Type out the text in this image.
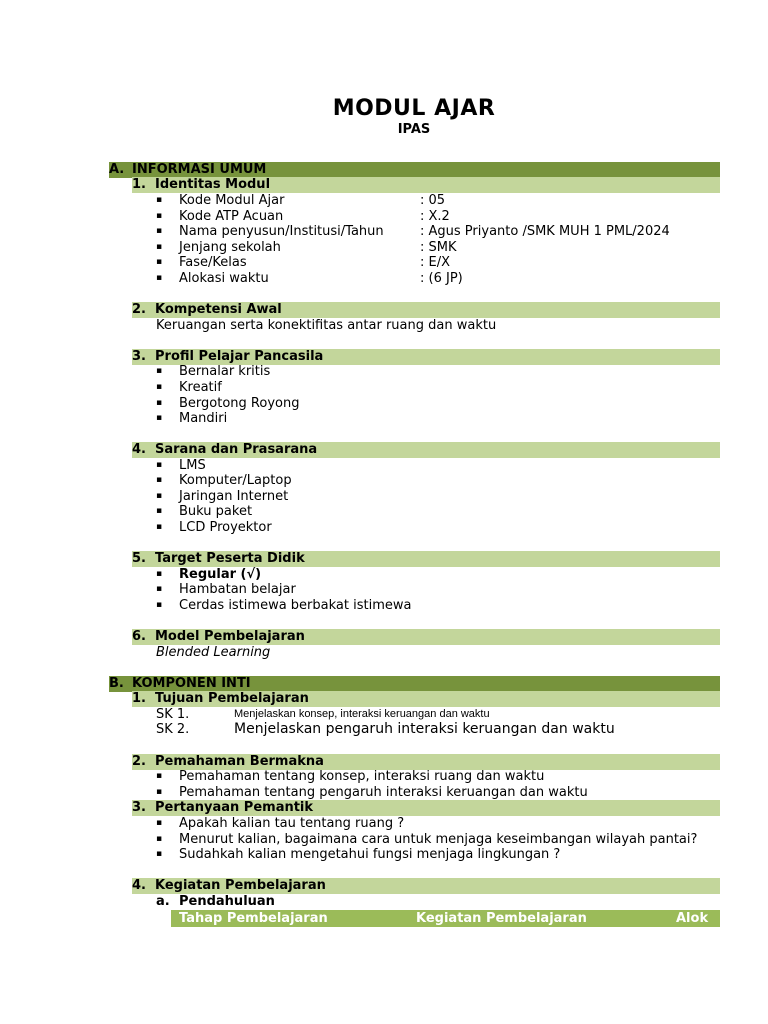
MODUL AJAR
IPAS
A. INFORMASI UMUM
1. Identitas Modul
▪ Kode Modul Ajar	: 05
▪ Kode ATP Acuan	: X.2
▪ Nama penyusun/Institusi/Tahun	: Agus Priyanto /SMK MUH 1 PML/2024
▪ Jenjang sekolah	: SMK
▪ Fase/Kelas	: E/X
▪ Alokasi waktu	: (6 JP)
2. Kompetensi Awal
Keruangan serta konektifitas antar ruang dan waktu
3. Profil Pelajar Pancasila
▪ Bernalar kritis
▪ Kreatif
▪ Bergotong Royong
▪ Mandiri
4. Sarana dan Prasarana
▪ LMS
▪ Komputer/Laptop
▪ Jaringan Internet
▪ Buku paket
▪ LCD Proyektor
5. Target Peserta Didik
▪ Regular (√)
▪ Hambatan belajar
▪ Cerdas istimewa berbakat istimewa
6. Model Pembelajaran
Blended Learning
B. KOMPONEN INTI
1. Tujuan Pembelajaran
SK 1.	Menjelaskan konsep, interaksi keruangan dan waktu
SK 2.	Menjelaskan pengaruh interaksi keruangan dan waktu
2. Pemahaman Bermakna
▪ Pemahaman tentang konsep, interaksi ruang dan waktu
▪ Pemahaman tentang pengaruh interaksi keruangan dan waktu
3. Pertanyaan Pemantik
▪ Apakah kalian tau tentang ruang ?
▪ Menurut kalian, bagaimana cara untuk menjaga keseimbangan wilayah pantai?
▪ Sudahkah kalian mengetahui fungsi menjaga lingkungan ?
4. Kegiatan Pembelajaran
a. Pendahuluan
Tahap Pembelajaran	Kegiatan Pembelajaran	Alok
